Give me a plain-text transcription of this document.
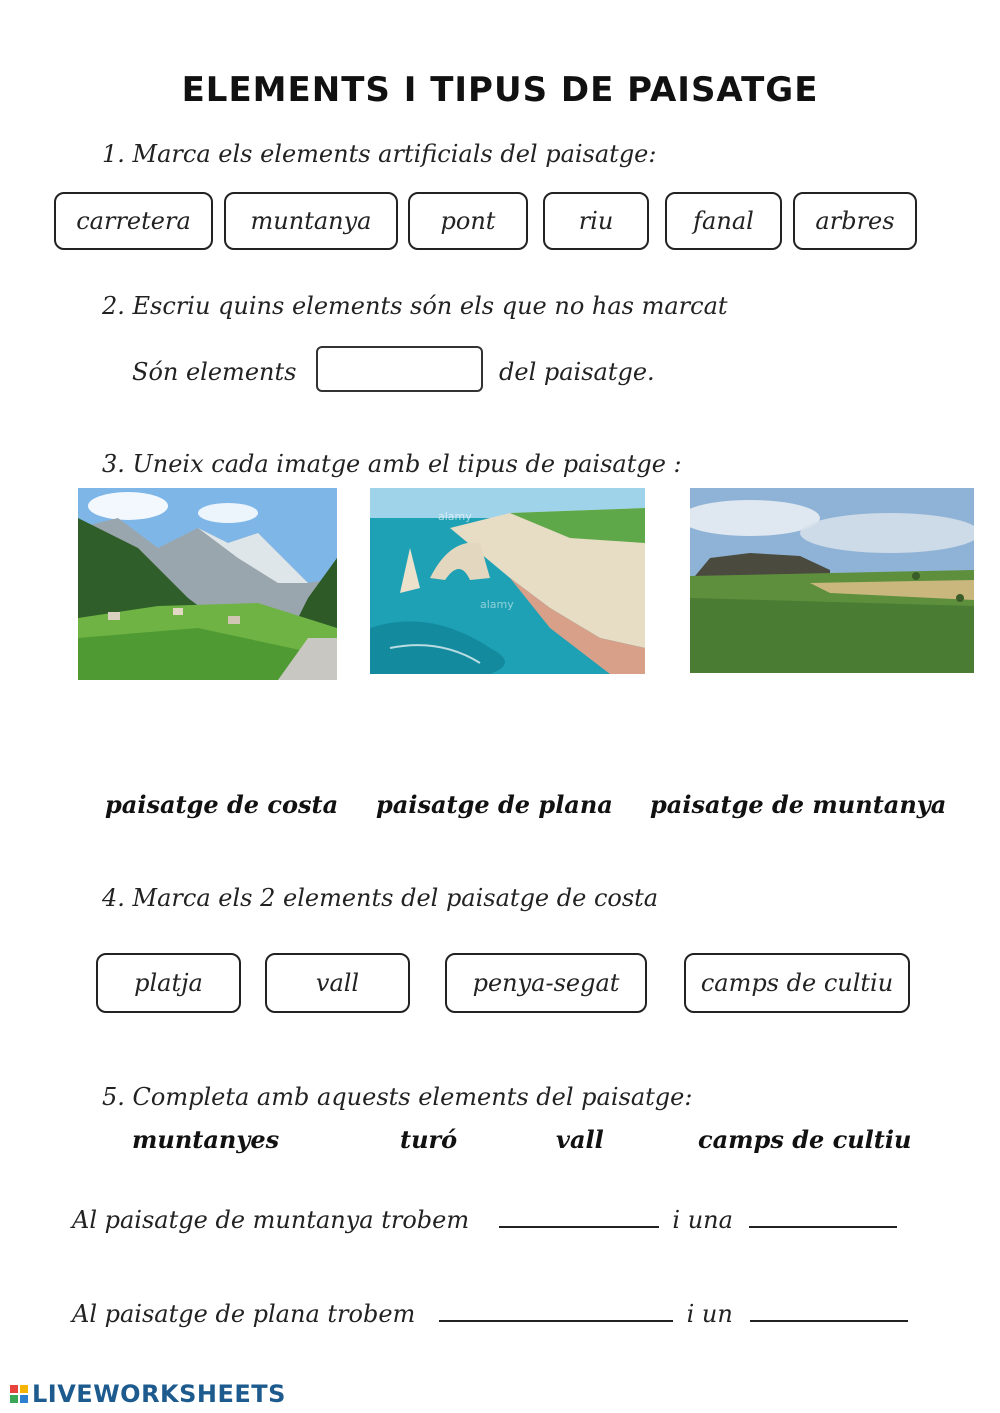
ELEMENTS I TIPUS DE PAISATGE
1. Marca els elements artificials del paisatge:
carretera	muntanya	pont	riu	fanal	arbres
2. Escriu quins elements són els que no has marcat
Són elements	del paisatge.
3. Uneix cada imatge amb el tipus de paisatge :
alamy
alamy
paisatge de costa paisatge de plana paisatge de muntanya
4. Marca els 2 elements del paisatge de costa
platja	vall	penya-segat	camps de cultiu
5. Completa amb aquests elements del paisatge:
muntanyes	turó	vall	camps de cultiu
Al paisatge de muntanya trobem	i una
Al paisatge de plana trobem	i un
LIVEWORKSHEETS
